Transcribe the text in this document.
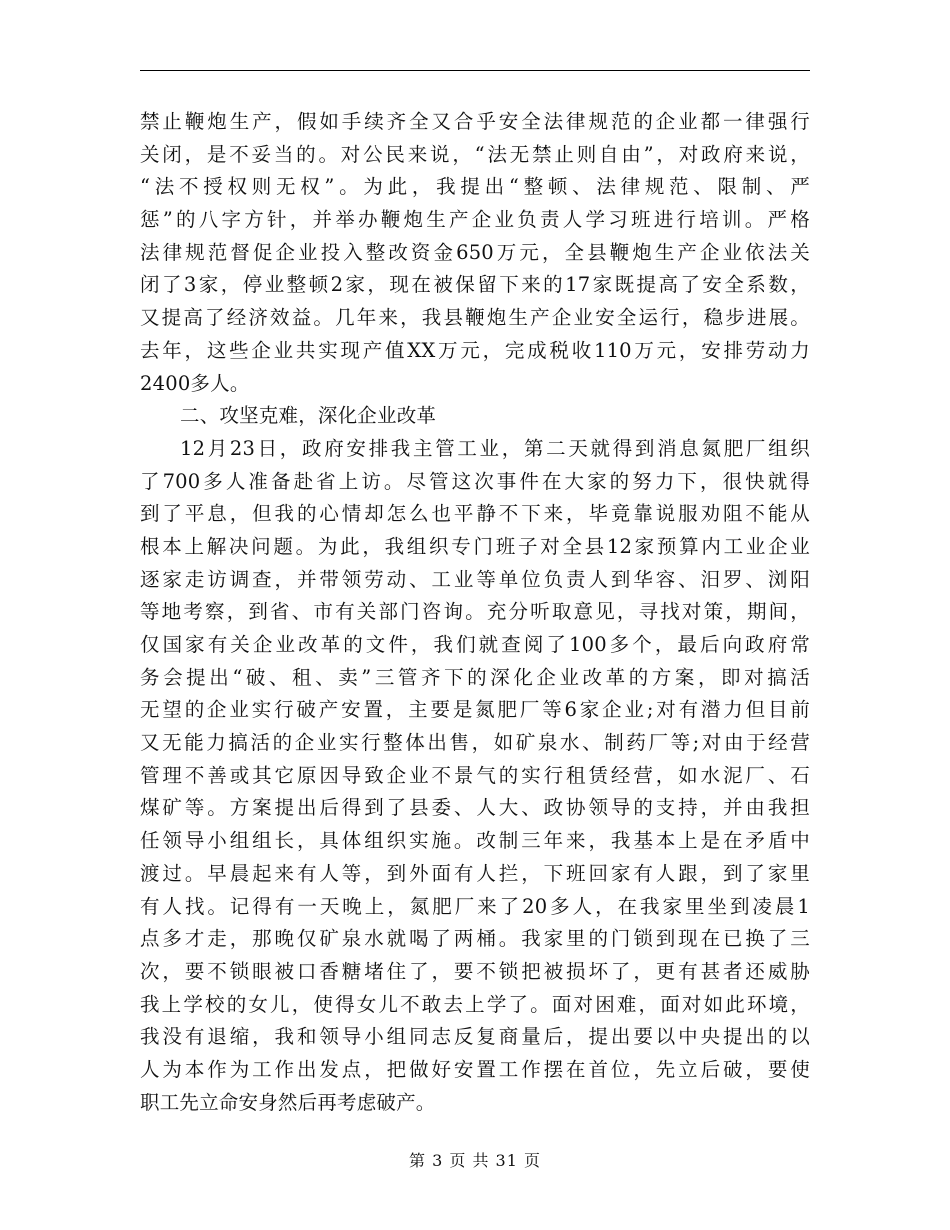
禁止鞭炮生产，假如手续齐全又合乎安全法律规范的企业都一律强行
关闭，是不妥当的。对公民来说，“法无禁止则自由”，对政府来说，
“法不授权则无权”。为此，我提出“整顿、法律规范、限制、严
惩”的八字方针，并举办鞭炮生产企业负责人学习班进行培训。严格
法律规范督促企业投入整改资金650万元，全县鞭炮生产企业依法关
闭了3家，停业整顿2家，现在被保留下来的17家既提高了安全系数，
又提高了经济效益。几年来，我县鞭炮生产企业安全运行，稳步进展。
去年，这些企业共实现产值XX万元，完成税收110万元，安排劳动力
2400多人。
二、攻坚克难，深化企业改革
12月23日，政府安排我主管工业，第二天就得到消息氮肥厂组织
了700多人准备赴省上访。尽管这次事件在大家的努力下，很快就得
到了平息，但我的心情却怎么也平静不下来，毕竟靠说服劝阻不能从
根本上解决问题。为此，我组织专门班子对全县12家预算内工业企业
逐家走访调查，并带领劳动、工业等单位负责人到华容、汨罗、浏阳
等地考察，到省、市有关部门咨询。充分听取意见，寻找对策，期间，
仅国家有关企业改革的文件，我们就查阅了100多个，最后向政府常
务会提出“破、租、卖”三管齐下的深化企业改革的方案，即对搞活
无望的企业实行破产安置，主要是氮肥厂等6家企业;对有潜力但目前
又无能力搞活的企业实行整体出售，如矿泉水、制药厂等;对由于经营
管理不善或其它原因导致企业不景气的实行租赁经营，如水泥厂、石
煤矿等。方案提出后得到了县委、人大、政协领导的支持，并由我担
任领导小组组长，具体组织实施。改制三年来，我基本上是在矛盾中
渡过。早晨起来有人等，到外面有人拦，下班回家有人跟，到了家里
有人找。记得有一天晚上，氮肥厂来了20多人，在我家里坐到凌晨1
点多才走，那晚仅矿泉水就喝了两桶。我家里的门锁到现在已换了三
次，要不锁眼被口香糖堵住了，要不锁把被损坏了，更有甚者还威胁
我上学校的女儿，使得女儿不敢去上学了。面对困难，面对如此环境，
我没有退缩，我和领导小组同志反复商量后，提出要以中央提出的以
人为本作为工作出发点，把做好安置工作摆在首位，先立后破，要使
职工先立命安身然后再考虑破产。
第 3 页 共 31 页
